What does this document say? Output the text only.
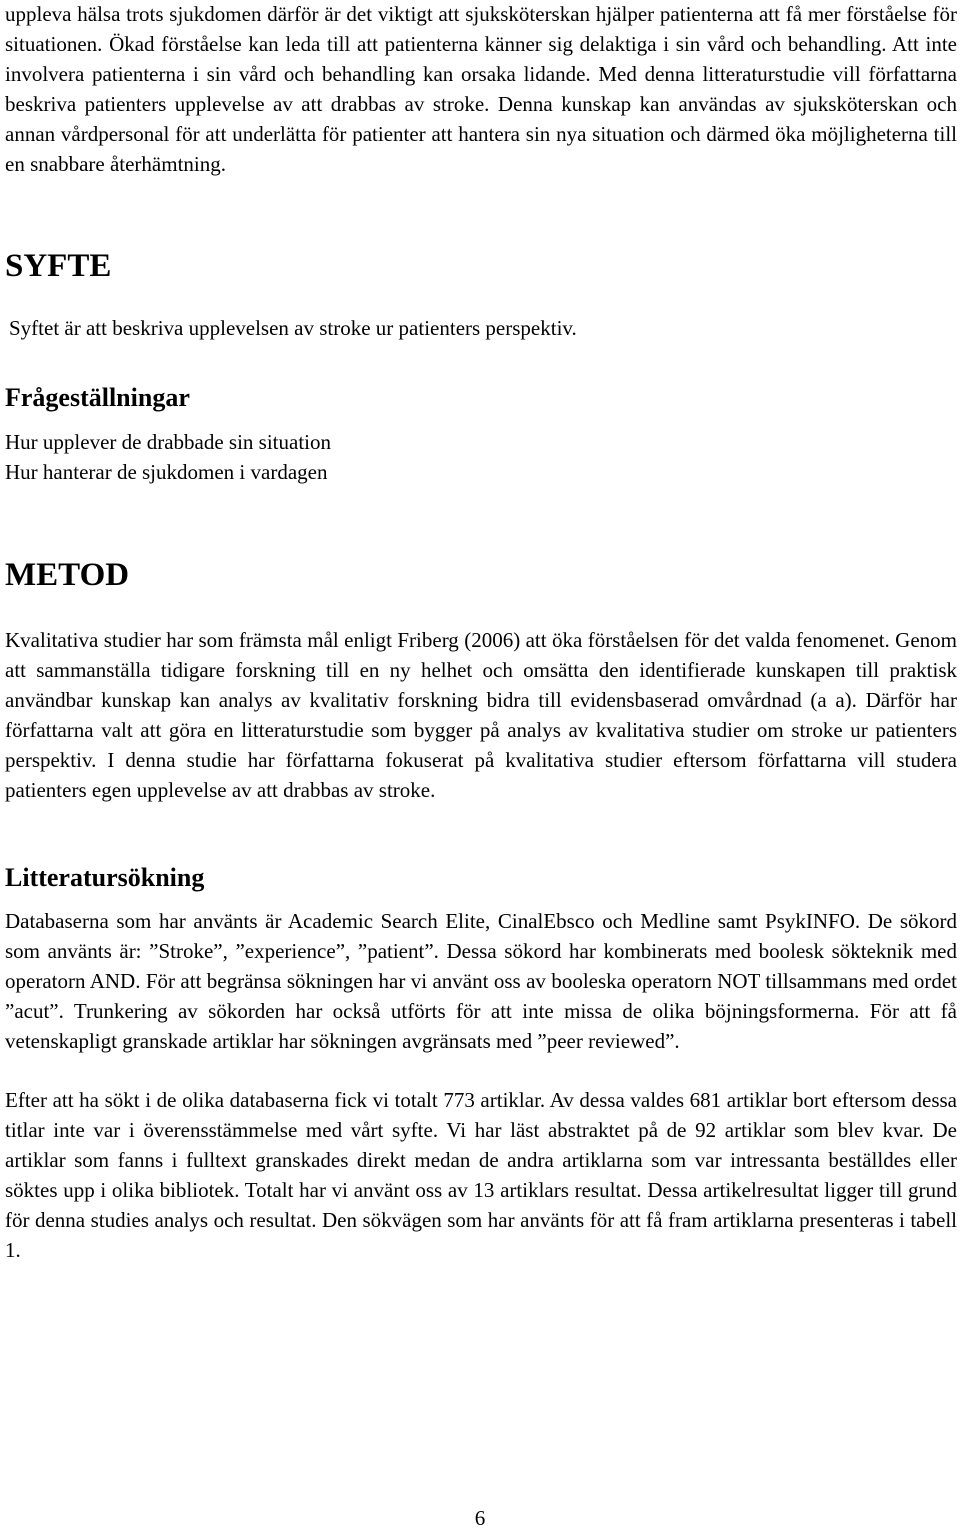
uppleva hälsa trots sjukdomen därför är det viktigt att sjuksköterskan hjälper patienterna att få mer förståelse för situationen. Ökad förståelse kan leda till att patienterna känner sig delaktiga i sin vård och behandling. Att inte involvera patienterna i sin vård och behandling kan orsaka lidande. Med denna litteraturstudie vill författarna beskriva patienters upplevelse av att drabbas av stroke. Denna kunskap kan användas av sjuksköterskan och annan vårdpersonal för att underlätta för patienter att hantera sin nya situation och därmed öka möjligheterna till en snabbare återhämtning.

SYFTE

Syftet är att beskriva upplevelsen av stroke ur patienters perspektiv.

Frågeställningar

Hur upplever de drabbade sin situation

Hur hanterar de sjukdomen i vardagen

METOD

Kvalitativa studier har som främsta mål enligt Friberg (2006) att öka förståelsen för det valda fenomenet. Genom att sammanställa tidigare forskning till en ny helhet och omsätta den identifierade kunskapen till praktisk användbar kunskap kan analys av kvalitativ forskning bidra till evidensbaserad omvårdnad (a a). Därför har författarna valt att göra en litteraturstudie som bygger på analys av kvalitativa studier om stroke ur patienters perspektiv. I denna studie har författarna fokuserat på kvalitativa studier eftersom författarna vill studera patienters egen upplevelse av att drabbas av stroke.

Litteratursökning

Databaserna som har använts är Academic Search Elite, CinalEbsco och Medline samt PsykINFO. De sökord som använts är: ”Stroke”, ”experience”, ”patient”. Dessa sökord har kombinerats med boolesk sökteknik med operatorn AND. För att begränsa sökningen har vi använt oss av booleska operatorn NOT tillsammans med ordet ”acut”. Trunkering av sökorden har också utförts för att inte missa de olika böjningsformerna. För att få vetenskapligt granskade artiklar har sökningen avgränsats med ”peer reviewed”.

Efter att ha sökt i de olika databaserna fick vi totalt 773 artiklar. Av dessa valdes 681 artiklar bort eftersom dessa titlar inte var i överensstämmelse med vårt syfte. Vi har läst abstraktet på de 92 artiklar som blev kvar. De artiklar som fanns i fulltext granskades direkt medan de andra artiklarna som var intressanta beställdes eller söktes upp i olika bibliotek. Totalt har vi använt oss av 13 artiklars resultat. Dessa artikelresultat ligger till grund för denna studies analys och resultat. Den sökvägen som har använts för att få fram artiklarna presenteras i tabell 1.

6
